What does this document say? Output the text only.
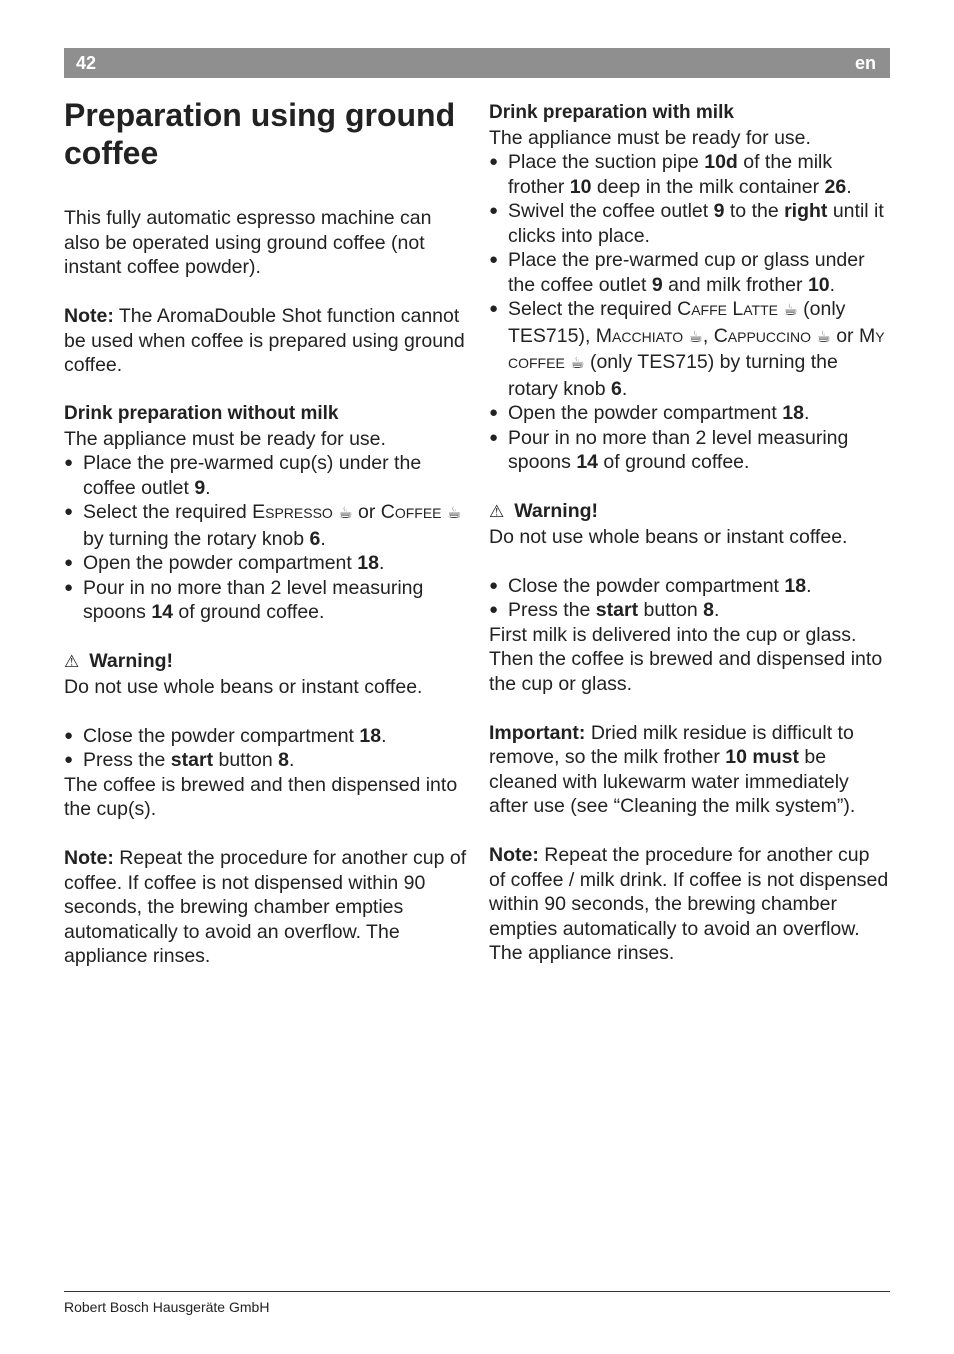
42	en
Preparation using ground coffee

This fully automatic espresso machine can also be operated using ground coffee (not instant coffee powder).

Note: The AromaDouble Shot function cannot be used when coffee is prepared using ground coffee.

Drink preparation without milk

The appliance must be ready for use.

● Place the pre-warmed cup(s) under the coffee outlet 9.
● Select the required Espresso ☕ or Coffee ☕ by turning the rotary knob 6.
● Open the powder compartment 18.
● Pour in no more than 2 level measuring spoons 14 of ground coffee.

⚠ Warning!

Do not use whole beans or instant coffee.

● Close the powder compartment 18.
● Press the start button 8.

The coffee is brewed and then dispensed into the cup(s).

Note: Repeat the procedure for another cup of coffee. If coffee is not dispensed within 90 seconds, the brewing chamber empties automatically to avoid an overflow. The appliance rinses.

Drink preparation with milk

The appliance must be ready for use.

● Place the suction pipe 10d of the milk frother 10 deep in the milk container 26.
● Swivel the coffee outlet 9 to the right until it clicks into place.
● Place the pre-warmed cup or glass under the coffee outlet 9 and milk frother 10.
● Select the required Caffe Latte ☕ (only TES715), Macchiato ☕, Cappuccino ☕ or My coffee ☕ (only TES715) by turning the rotary knob 6.
● Open the powder compartment 18.
● Pour in no more than 2 level measuring spoons 14 of ground coffee.

⚠ Warning!

Do not use whole beans or instant coffee.

● Close the powder compartment 18.
● Press the start button 8.

First milk is delivered into the cup or glass. Then the coffee is brewed and dispensed into the cup or glass.

Important: Dried milk residue is difficult to remove, so the milk frother 10 must be cleaned with lukewarm water immediately after use (see “Cleaning the milk system”).

Note: Repeat the procedure for another cup of coffee / milk drink. If coffee is not dispensed within 90 seconds, the brewing chamber empties automatically to avoid an overflow. The appliance rinses.

Robert Bosch Hausgeräte GmbH
